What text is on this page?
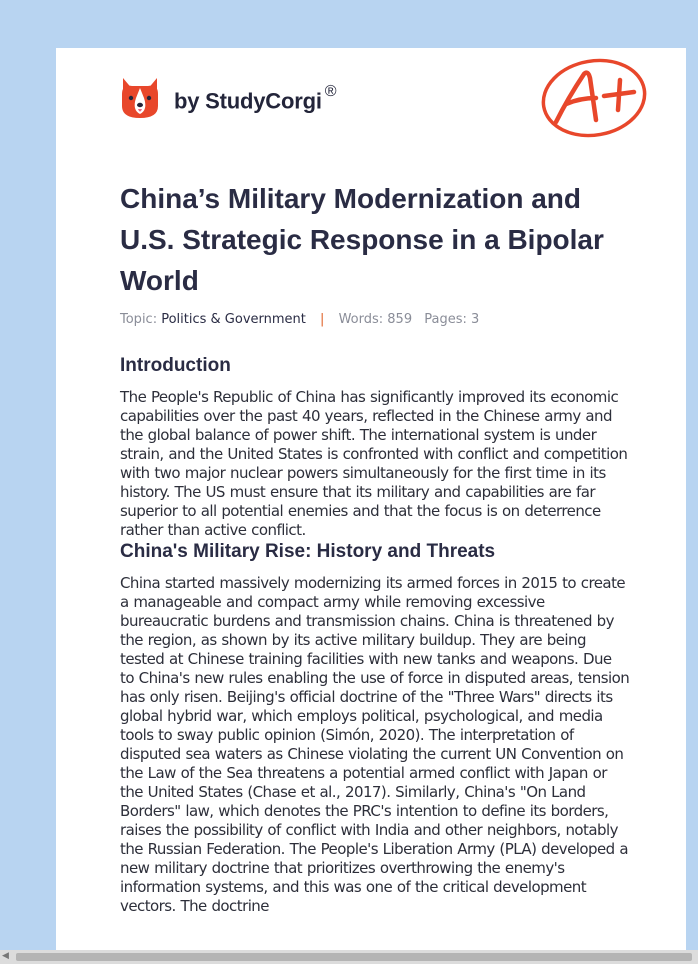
by StudyCorgi ®
A+
China’s Military Modernization and U.S. Strategic Response in a Bipolar World
Topic: Politics & Government | Words: 859 Pages: 3
Introduction

The People's Republic of China has significantly improved its economic capabilities over the past 40 years, reflected in the Chinese army and the global balance of power shift. The international system is under strain, and the United States is confronted with conflict and competition with two major nuclear powers simultaneously for the first time in its history. The US must ensure that its military and capabilities are far superior to all potential enemies and that the focus is on deterrence rather than active conflict.

China's Military Rise: History and Threats

China started massively modernizing its armed forces in 2015 to create a manageable and compact army while removing excessive bureaucratic burdens and transmission chains. China is threatened by the region, as shown by its active military buildup. They are being tested at Chinese training facilities with new tanks and weapons. Due to China's new rules enabling the use of force in disputed areas, tension has only risen. Beijing's official doctrine of the "Three Wars" directs its global hybrid war, which employs political, psychological, and media tools to sway public opinion (Simón, 2020). The interpretation of disputed sea waters as Chinese violating the current UN Convention on the Law of the Sea threatens a potential armed conflict with Japan or the United States (Chase et al., 2017). Similarly, China's "On Land Borders" law, which denotes the PRC's intention to define its borders, raises the possibility of conflict with India and other neighbors, notably the Russian Federation. The People's Liberation Army (PLA) developed a new military doctrine that prioritizes overthrowing the enemy's information systems, and this was one of the critical development vectors. The doctrine

◀
